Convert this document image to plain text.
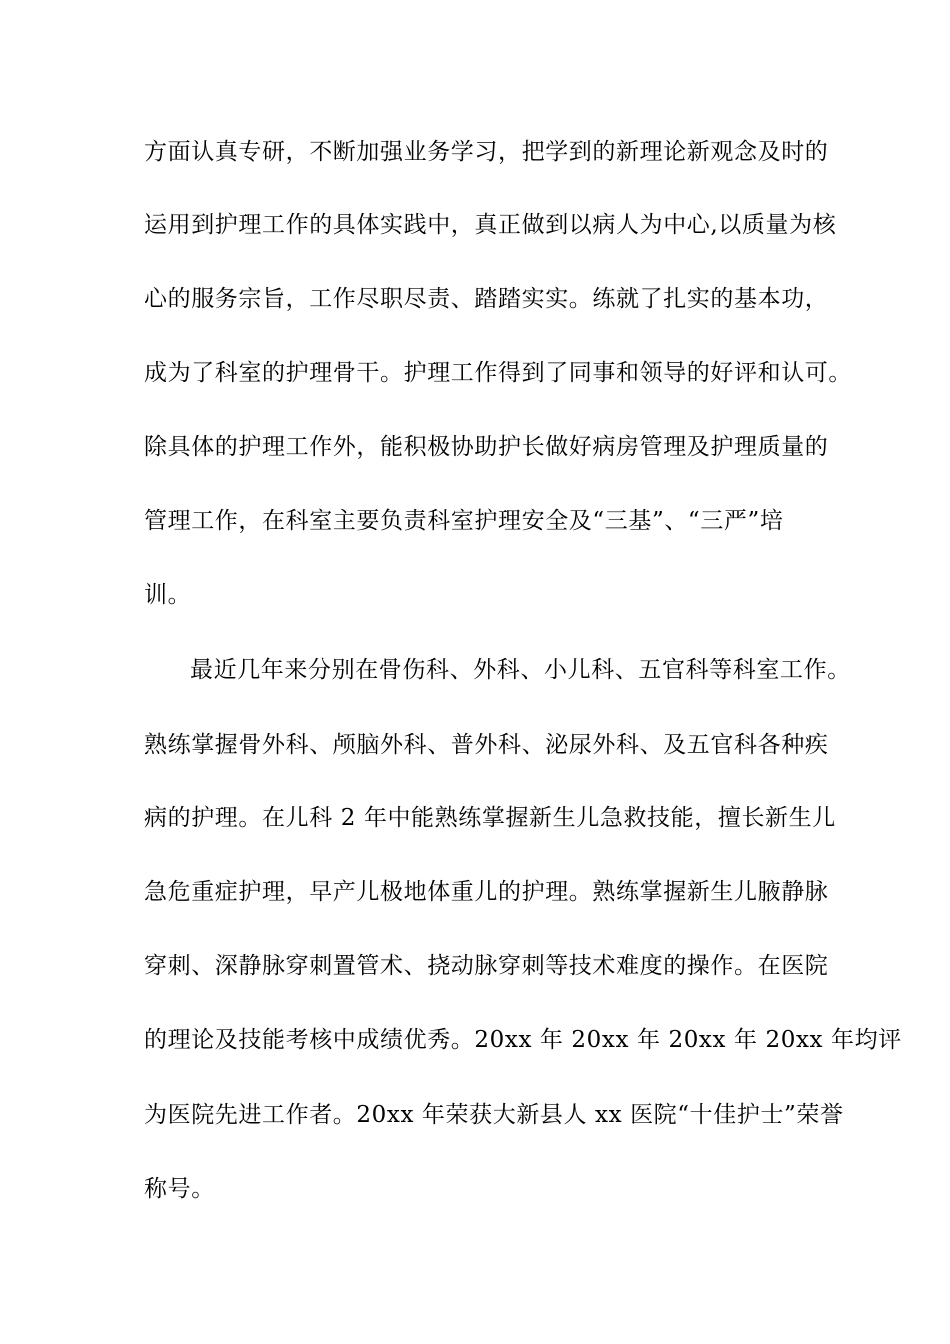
方面认真专研，不断加强业务学习，把学到的新理论新观念及时的
运用到护理工作的具体实践中，真正做到以病人为中心,以质量为核
心的服务宗旨，工作尽职尽责、踏踏实实。练就了扎实的基本功，
成为了科室的护理骨干。护理工作得到了同事和领导的好评和认可。
除具体的护理工作外，能积极协助护长做好病房管理及护理质量的
管理工作，在科室主要负责科室护理安全及“三基”、“三严”培
训。
最近几年来分别在骨伤科、外科、小儿科、五官科等科室工作。
熟练掌握骨外科、颅脑外科、普外科、泌尿外科、及五官科各种疾
病的护理。在儿科 2 年中能熟练掌握新生儿急救技能，擅长新生儿
急危重症护理，早产儿极地体重儿的护理。熟练掌握新生儿腋静脉
穿刺、深静脉穿刺置管术、挠动脉穿刺等技术难度的操作。在医院
的理论及技能考核中成绩优秀。20xx 年 20xx 年 20xx 年 20xx 年均评
为医院先进工作者。20xx 年荣获大新县人 xx 医院“十佳护士”荣誉
称号。
